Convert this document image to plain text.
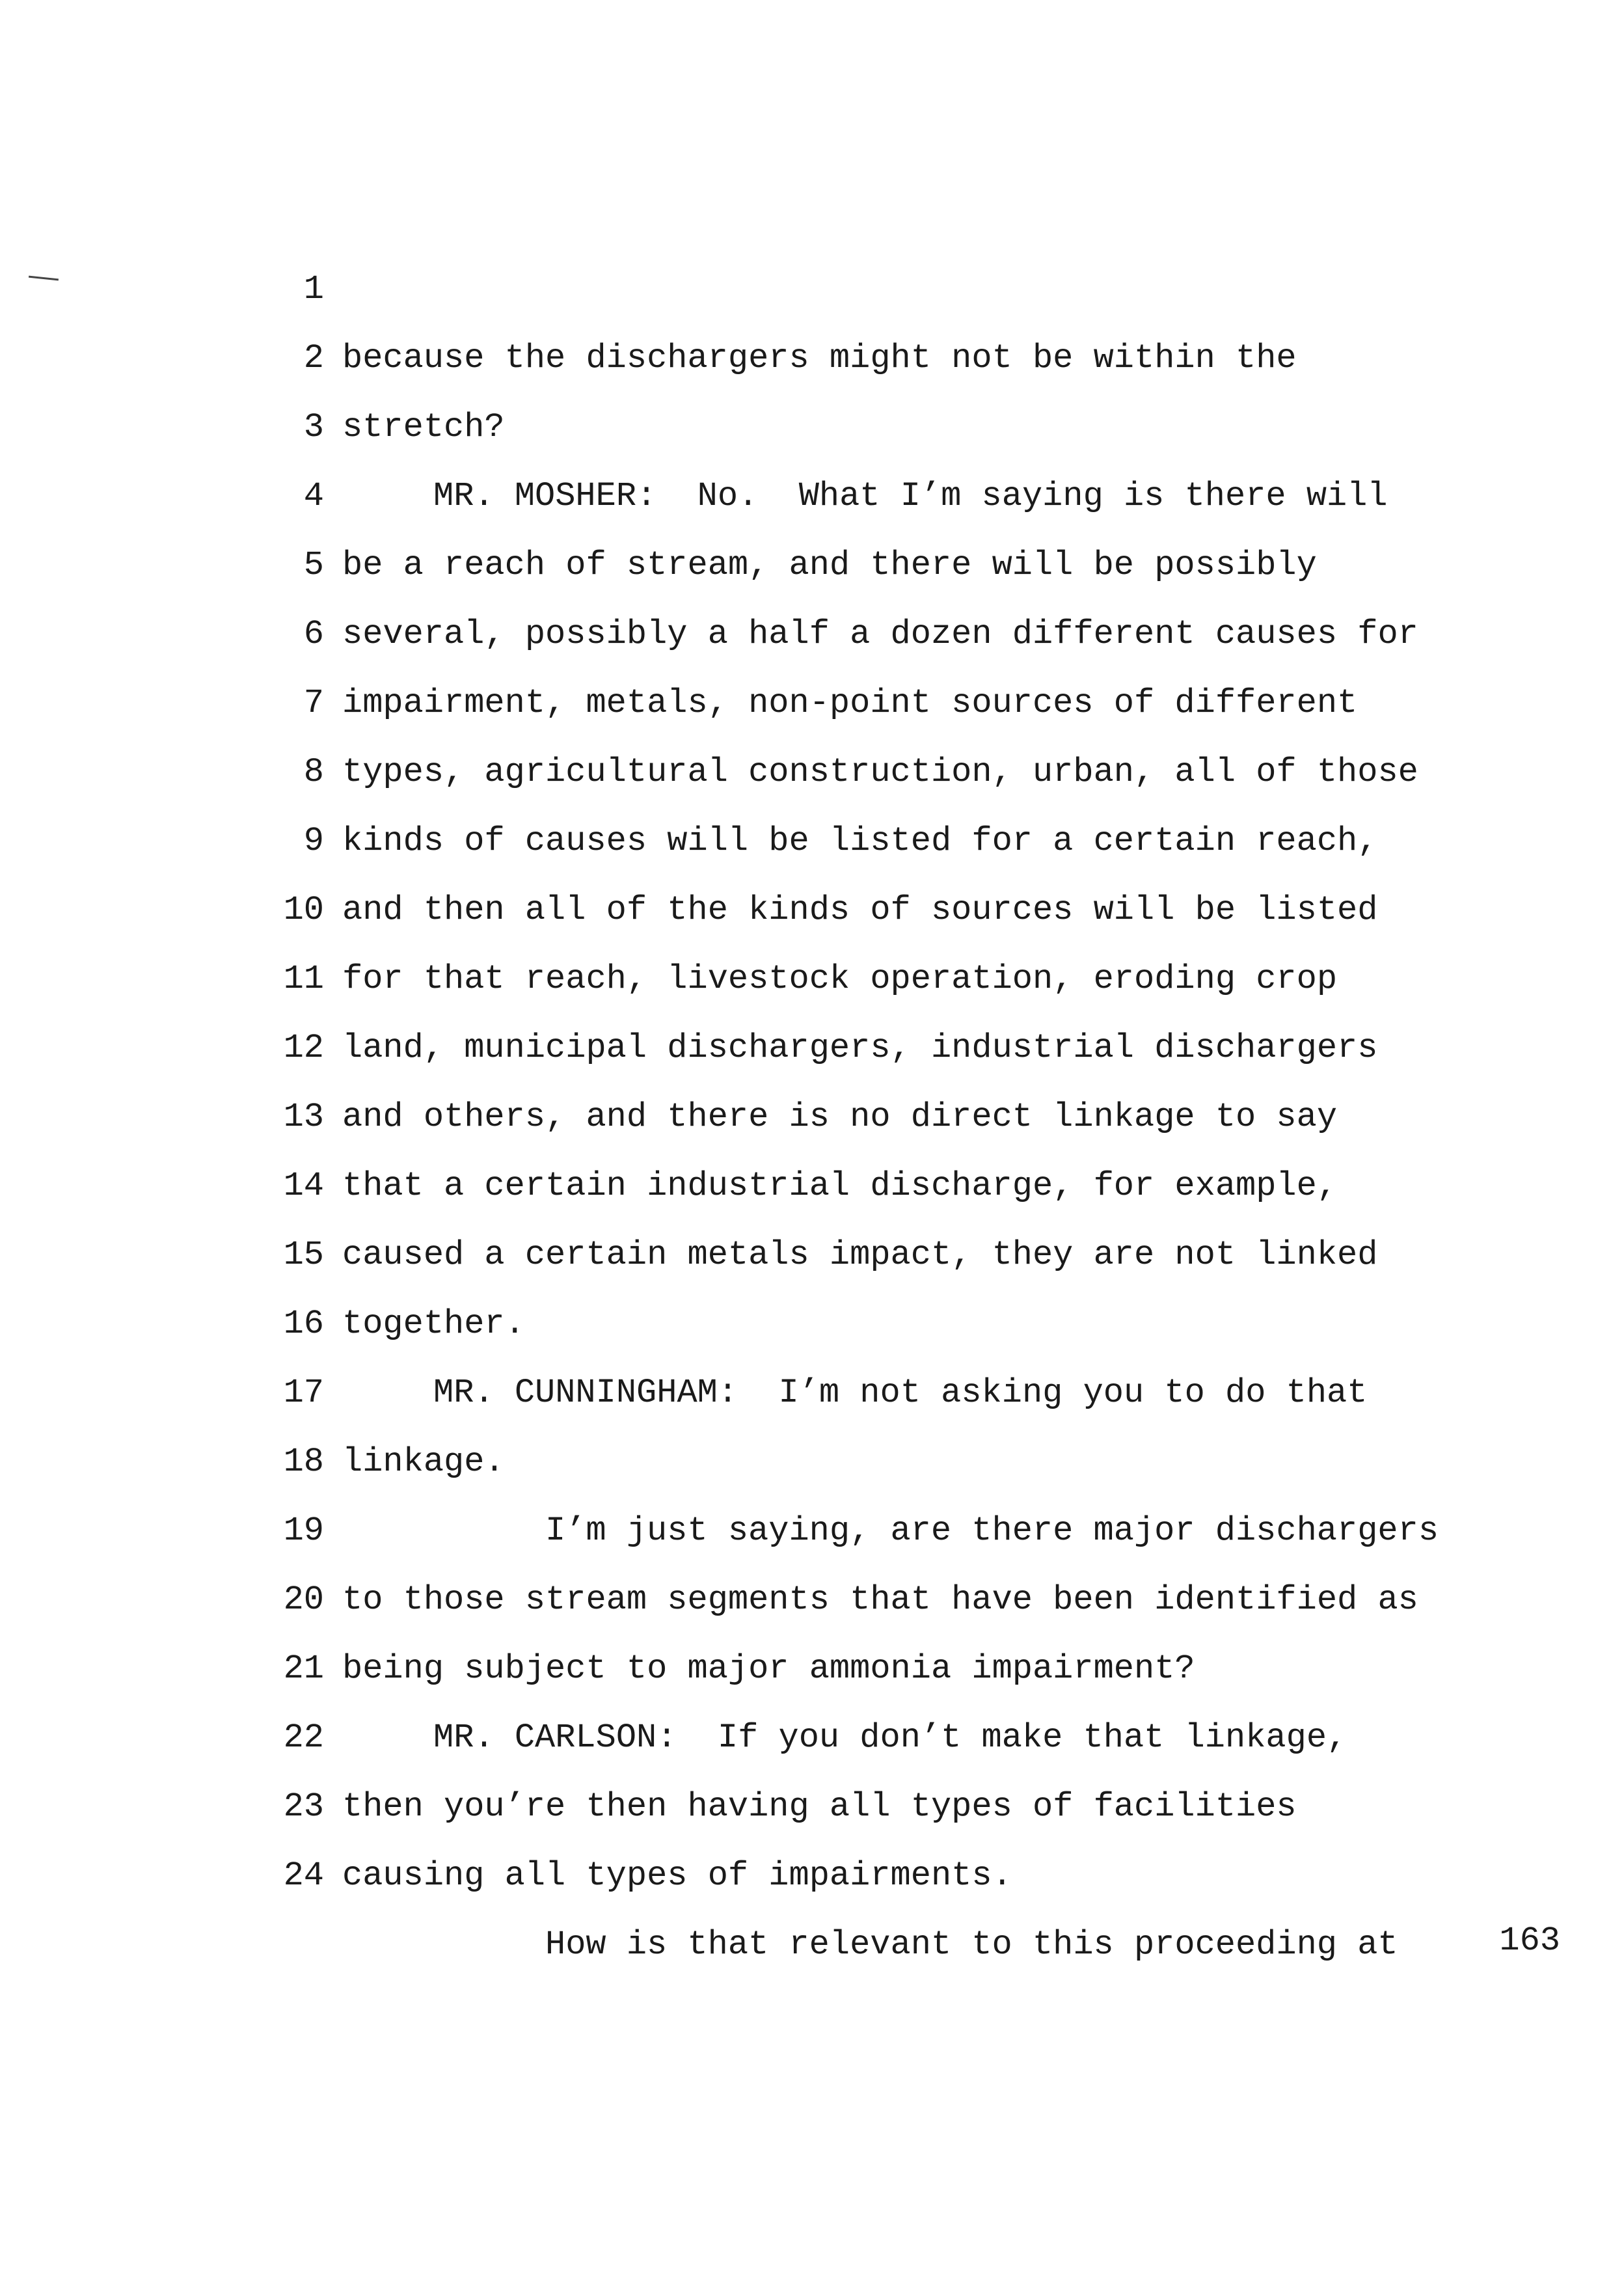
1

because the dischargers might not be within the

2

stretch?

3

MR. MOSHER:  No.  What I’m saying is there will

4

be a reach of stream, and there will be possibly

5

several, possibly a half a dozen different causes for

6

impairment, metals, non-point sources of different

7

types, agricultural construction, urban, all of those

8

kinds of causes will be listed for a certain reach,

9

and then all of the kinds of sources will be listed

10

for that reach, livestock operation, eroding crop

11

land, municipal dischargers, industrial dischargers

12

and others, and there is no direct linkage to say

13

that a certain industrial discharge, for example,

14

caused a certain metals impact, they are not linked

15

together.

16

MR. CUNNINGHAM:  I’m not asking you to do that

17

linkage.

18

I’m just saying, are there major dischargers

19

to those stream segments that have been identified as

20

being subject to major ammonia impairment?

21

MR. CARLSON:  If you don’t make that linkage,

22

then you’re then having all types of facilities

23

causing all types of impairments.

24

How is that relevant to this proceeding at

	163
